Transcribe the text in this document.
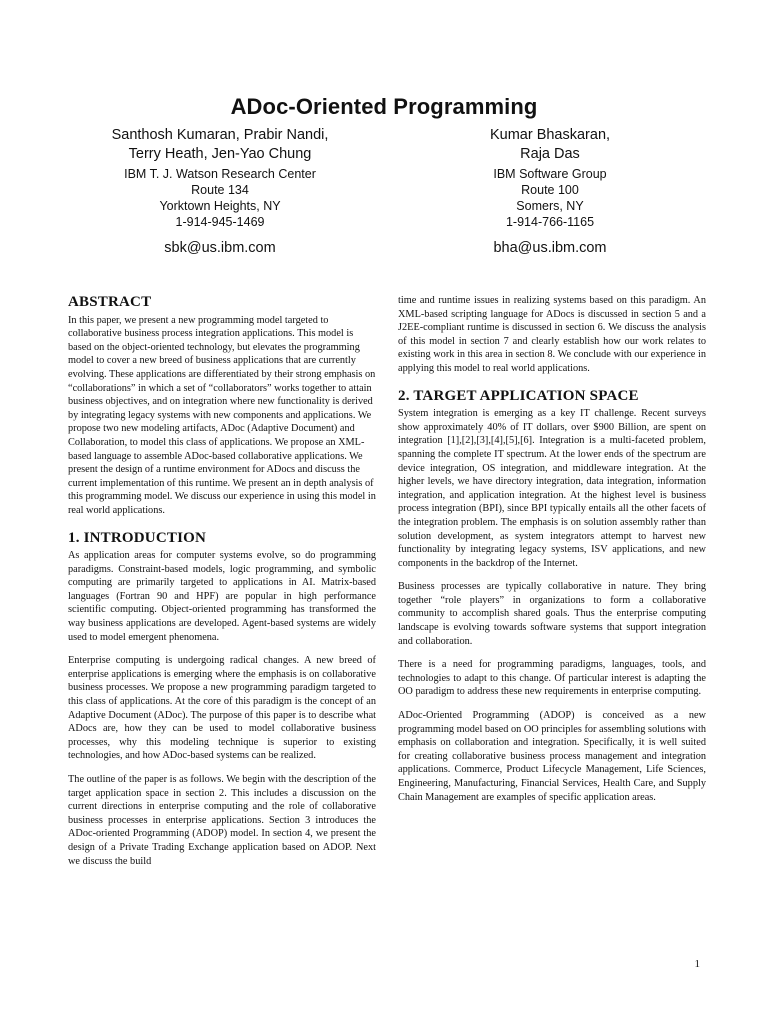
ADoc-Oriented Programming
Santhosh Kumaran, Prabir Nandi,
Terry Heath, Jen-Yao Chung
IBM T. J. Watson Research Center
Route 134
Yorktown Heights, NY
1-914-945-1469
sbk@us.ibm.com
Kumar Bhaskaran,
Raja Das
IBM Software Group
Route 100
Somers, NY
1-914-766-1165
bha@us.ibm.com
ABSTRACT

In this paper, we present a new programming model targeted to collaborative business process integration applications. This model is based on the object-oriented technology, but elevates the programming model to cover a new breed of business applications that are currently evolving. These applications are differentiated by their strong emphasis on “collaborations” in which a set of “collaborators” works together to attain business objectives, and on integration where new functionality is derived by integrating legacy systems with new components and applications. We propose two new modeling artifacts, ADoc (Adaptive Document) and Collaboration, to model this class of applications. We propose an XML-based language to assemble ADoc-based collaborative applications. We present the design of a runtime environment for ADocs and discuss the current implementation of this runtime. We present an in depth analysis of this programming model. We discuss our experience in using this model in real world applications.

1. INTRODUCTION

As application areas for computer systems evolve, so do programming paradigms. Constraint-based models, logic programming, and symbolic computing are primarily targeted to applications in AI. Matrix-based languages (Fortran 90 and HPF) are popular in high performance scientific computing. Object-oriented programming has transformed the way business applications are developed. Agent-based systems are widely used to model emergent phenomena.

Enterprise computing is undergoing radical changes. A new breed of enterprise applications is emerging where the emphasis is on collaborative business processes. We propose a new programming paradigm targeted to this class of applications. At the core of this paradigm is the concept of an Adaptive Document (ADoc). The purpose of this paper is to describe what ADocs are, how they can be used to model collaborative business processes, why this modeling technique is superior to existing technologies, and how ADoc-based systems can be realized.

The outline of the paper is as follows. We begin with the description of the target application space in section 2. This includes a discussion on the current directions in enterprise computing and the role of collaborative business processes in enterprise applications. Section 3 introduces the ADoc-oriented Programming (ADOP) model. In section 4, we present the design of a Private Trading Exchange application based on ADOP. Next we discuss the build

time and runtime issues in realizing systems based on this paradigm. An XML-based scripting language for ADocs is discussed in section 5 and a J2EE-compliant runtime is discussed in section 6. We discuss the analysis of this model in section 7 and clearly establish how our work relates to existing work in this area in section 8. We conclude with our experience in applying this model to real world applications.

2. TARGET APPLICATION SPACE

System integration is emerging as a key IT challenge. Recent surveys show approximately 40% of IT dollars, over $900 Billion, are spent on integration [1],[2],[3],[4],[5],[6]. Integration is a multi-faceted problem, spanning the complete IT spectrum. At the lower ends of the spectrum are device integration, OS integration, and middleware integration. At the higher levels, we have directory integration, data integration, information integration, and application integration. At the highest level is business process integration (BPI), since BPI typically entails all the other facets of the integration problem. The emphasis is on solution assembly rather than solution development, as system integrators attempt to harvest new functionality by integrating legacy systems, ISV applications, and new components in the backdrop of the Internet.

Business processes are typically collaborative in nature. They bring together “role players” in organizations to form a collaborative community to accomplish shared goals. Thus the enterprise computing landscape is evolving towards software systems that support integration and collaboration.

There is a need for programming paradigms, languages, tools, and technologies to adapt to this change. Of particular interest is adapting the OO paradigm to address these new requirements in enterprise computing.

ADoc-Oriented Programming (ADOP) is conceived as a new programming model based on OO principles for assembling solutions with emphasis on collaboration and integration. Specifically, it is well suited for creating collaborative business process management and integration applications. Commerce, Product Lifecycle Management, Life Sciences, Engineering, Manufacturing, Financial Services, Health Care, and Supply Chain Management are examples of specific application areas.

1
